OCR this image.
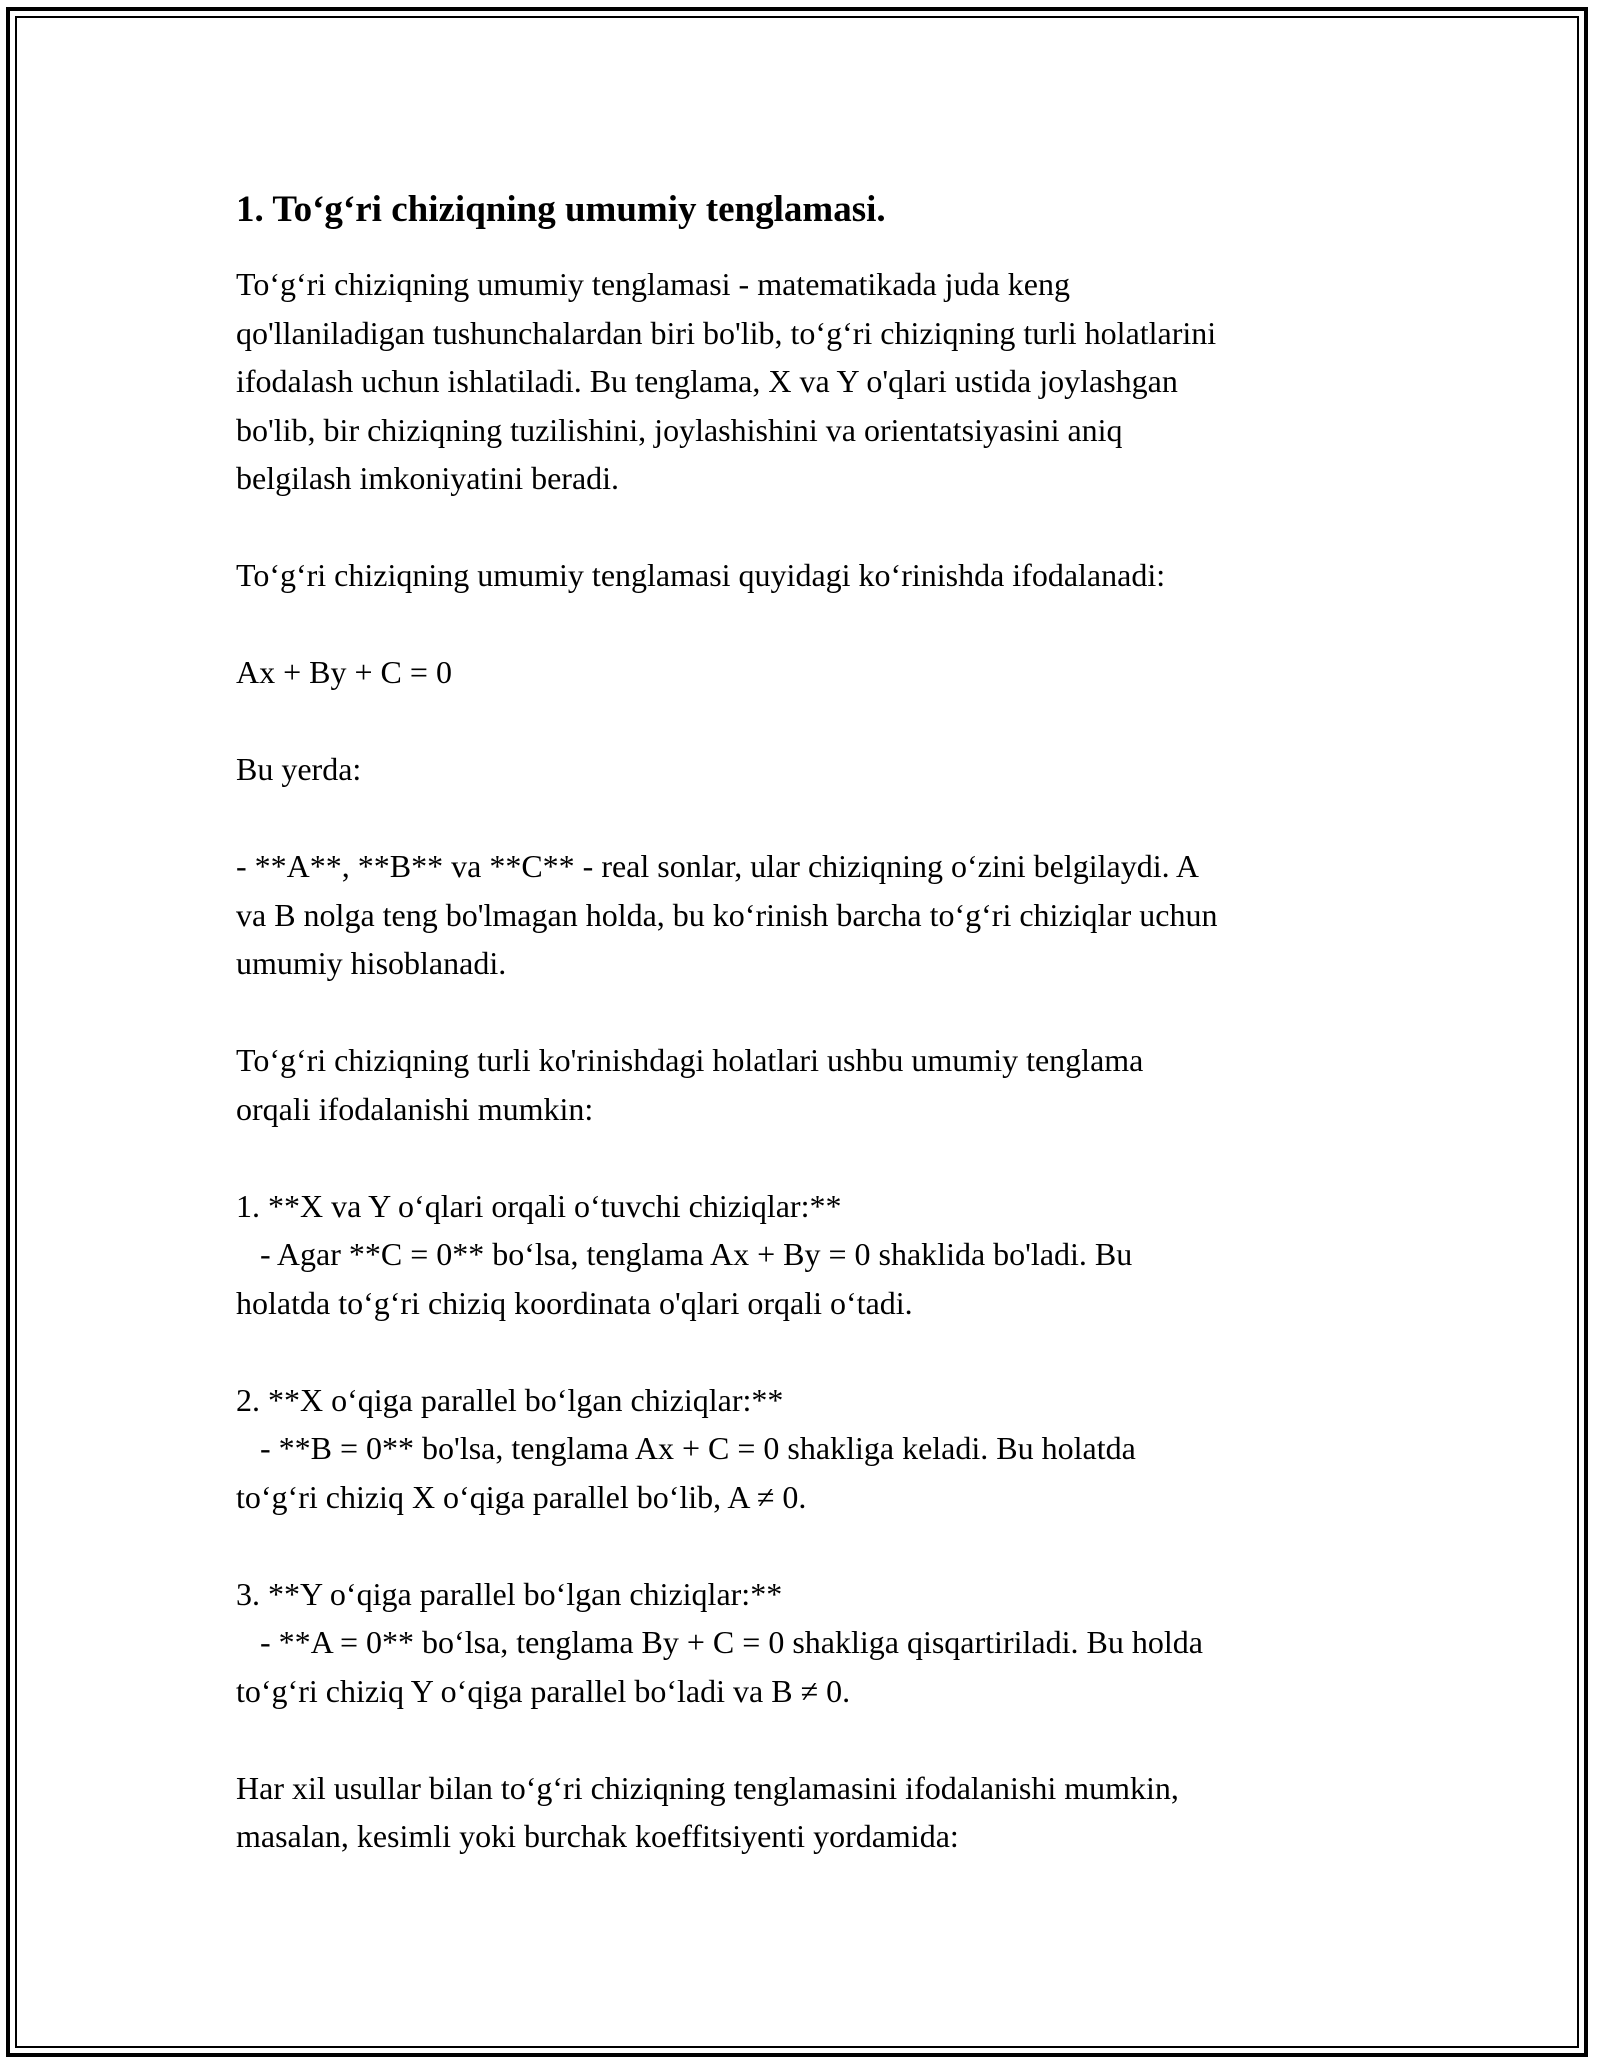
1. To‘g‘ri chiziqning umumiy tenglamasi.
To‘g‘ri chiziqning umumiy tenglamasi - matematikada juda keng
qo'llaniladigan tushunchalardan biri bo'lib, to‘g‘ri chiziqning turli holatlarini
ifodalash uchun ishlatiladi. Bu tenglama, X va Y o'qlari ustida joylashgan
bo'lib, bir chiziqning tuzilishini, joylashishini va orientatsiyasini aniq
belgilash imkoniyatini beradi.
To‘g‘ri chiziqning umumiy tenglamasi quyidagi ko‘rinishda ifodalanadi:
Ax + By + C = 0
Bu yerda:
- **A**, **B** va **C** - real sonlar, ular chiziqning o‘zini belgilaydi. A
va B nolga teng bo'lmagan holda, bu ko‘rinish barcha to‘g‘ri chiziqlar uchun
umumiy hisoblanadi.
To‘g‘ri chiziqning turli ko'rinishdagi holatlari ushbu umumiy tenglama
orqali ifodalanishi mumkin:
1. **X va Y o‘qlari orqali o‘tuvchi chiziqlar:**
- Agar **C = 0** bo‘lsa, tenglama Ax + By = 0 shaklida bo'ladi. Bu
holatda to‘g‘ri chiziq koordinata o'qlari orqali o‘tadi.
2. **X o‘qiga parallel bo‘lgan chiziqlar:**
- **B = 0** bo'lsa, tenglama Ax + C = 0 shakliga keladi. Bu holatda
to‘g‘ri chiziq X o‘qiga parallel bo‘lib, A ≠ 0.
3. **Y o‘qiga parallel bo‘lgan chiziqlar:**
- **A = 0** bo‘lsa, tenglama By + C = 0 shakliga qisqartiriladi. Bu holda
to‘g‘ri chiziq Y o‘qiga parallel bo‘ladi va B ≠ 0.
Har xil usullar bilan to‘g‘ri chiziqning tenglamasini ifodalanishi mumkin,
masalan, kesimli yoki burchak koeffitsiyenti yordamida:
